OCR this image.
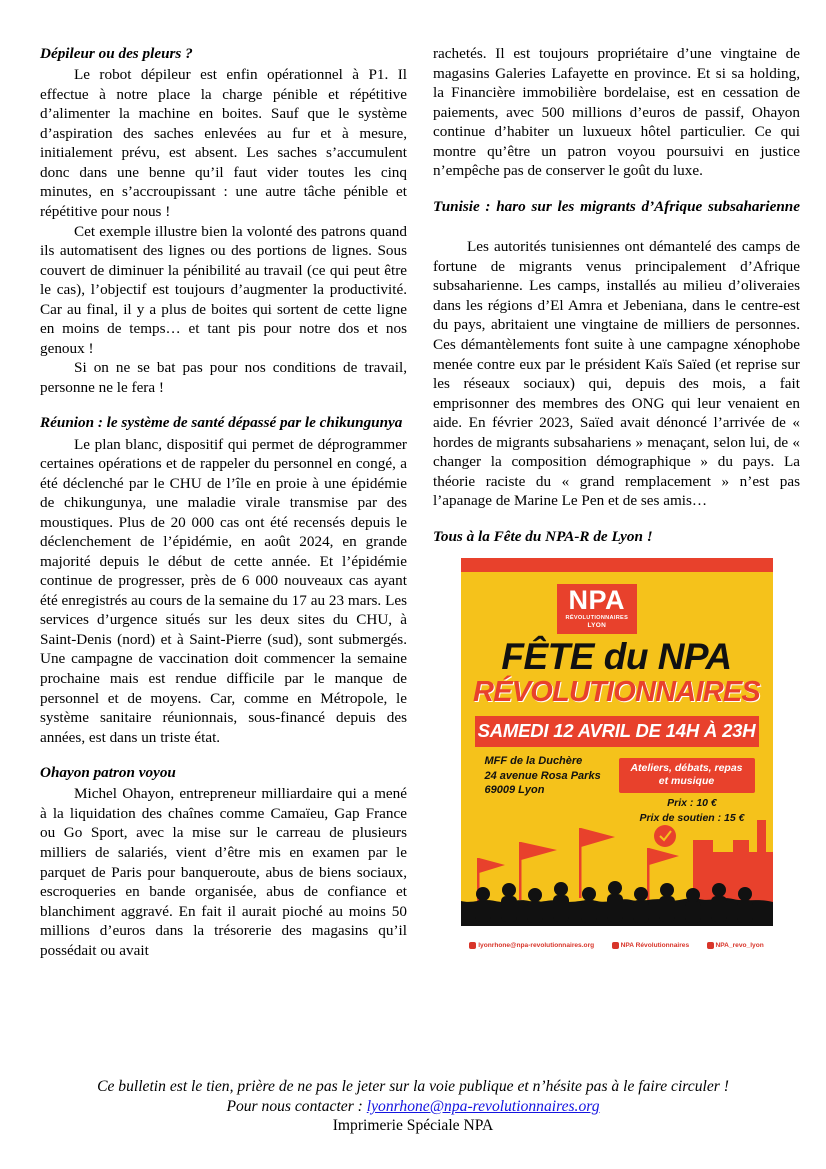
Dépileur ou des pleurs ?

Le robot dépileur est enfin opérationnel à P1. Il effectue à notre place la charge pénible et répétitive d’alimenter la machine en boites. Sauf que le système d’aspiration des saches enlevées au fur et à mesure, initialement prévu, est absent. Les saches s’accumulent donc dans une benne qu’il faut vider toutes les cinq minutes, en s’accroupissant : une autre tâche pénible et répétitive pour nous !

Cet exemple illustre bien la volonté des patrons quand ils automatisent des lignes ou des portions de lignes. Sous couvert de diminuer la pénibilité au travail (ce qui peut être le cas), l’objectif est toujours d’augmenter la productivité. Car au final, il y a plus de boites qui sortent de cette ligne en moins de temps… et tant pis pour notre dos et nos genoux !

Si on ne se bat pas pour nos conditions de travail, personne ne le fera !

Réunion : le système de santé dépassé par le chikungunya

Le plan blanc, dispositif qui permet de déprogrammer certaines opérations et de rappeler du personnel en congé, a été déclenché par le CHU de l’île en proie à une épidémie de chikungunya, une maladie virale transmise par des moustiques. Plus de 20 000 cas ont été recensés depuis le déclenchement de l’épidémie, en août 2024, en grande majorité depuis le début de cette année. Et l’épidémie continue de progresser, près de 6 000 nouveaux cas ayant été enregistrés au cours de la semaine du 17 au 23 mars. Les services d’urgence situés sur les deux sites du CHU, à Saint-Denis (nord) et à Saint-Pierre (sud), sont submergés. Une campagne de vaccination doit commencer la semaine prochaine mais est rendue difficile par le manque de personnel et de moyens. Car, comme en Métropole, le système sanitaire réunionnais, sous-financé depuis des années, est dans un triste état.

Ohayon patron voyou

Michel Ohayon, entrepreneur milliardaire qui a mené à la liquidation des chaînes comme Camaïeu, Gap France ou Go Sport, avec la mise sur le carreau de plusieurs milliers de salariés, vient d’être mis en examen par le parquet de Paris pour banqueroute, abus de biens sociaux, escroqueries en bande organisée, abus de confiance et blanchiment aggravé. En fait il aurait pioché au moins 50 millions d’euros dans la trésorerie des magasins qu’il possédait ou avait

rachetés. Il est toujours propriétaire d’une vingtaine de magasins Galeries Lafayette en province. Et si sa holding, la Financière immobilière bordelaise, est en cessation de paiements, avec 500 millions d’euros de passif, Ohayon continue d’habiter un luxueux hôtel particulier. Ce qui montre qu’être un patron voyou poursuivi en justice n’empêche pas de conserver le goût du luxe.

Tunisie : haro sur les migrants d’Afrique subsaharienne

Les autorités tunisiennes ont démantelé des camps de fortune de migrants venus principalement d’Afrique subsaharienne. Les camps, installés au milieu d’oliveraies dans les régions d’El Amra et Jebeniana, dans le centre-est du pays, abritaient une vingtaine de milliers de personnes. Ces démantèlements font suite à une campagne xénophobe menée contre eux par le président Kaïs Saïed (et reprise sur les réseaux sociaux) qui, depuis des mois, a fait emprisonner des membres des ONG qui leur venaient en aide. En février 2023, Saïed avait dénoncé l’arrivée de « hordes de migrants subsahariens » menaçant, selon lui, de « changer la composition démographique » du pays. La théorie raciste du « grand remplacement » n’est pas l’apanage de Marine Le Pen et de ses amis…

Tous à la Fête du NPA-R de Lyon !
NPA
RÉVOLUTIONNAIRES
LYON
FÊTE du NPA
RÉVOLUTIONNAIRES
SAMEDI 12 AVRIL DE 14H À 23H
MFF de la Duchère
24 avenue Rosa Parks
69009 Lyon
Ateliers, débats, repas
et musique
Prix : 10 €
Prix de soutien : 15 €
lyonrhone@npa-revolutionnaires.org	NPA Révolutionnaires	NPA_revo_lyon
Ce bulletin est le tien, prière de ne pas le jeter sur la voie publique et n’hésite pas à le faire circuler !
Pour nous contacter : lyonrhone@npa-revolutionnaires.org
Imprimerie Spéciale NPA
